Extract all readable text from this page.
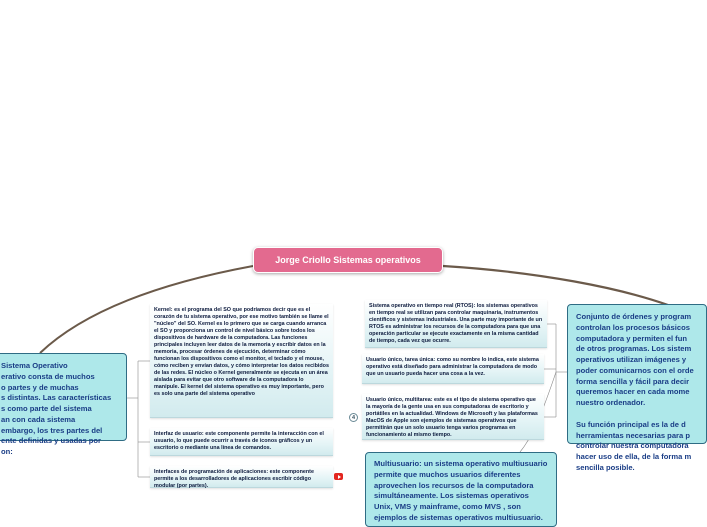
Jorge Criollo Sistemas operativos
Sistema Operativo
erativo consta de muchos
o partes y de muchas
s distintas. Las características
s como parte del sistema
an con cada sistema
embargo, los tres partes del
ente definidas y usadas por
on:
Conjunto de órdenes y program
controlan los procesos básicos
computadora y permiten el fun
de otros programas. Los sistem
operativos utilizan imágenes y
poder comunicarnos con el orde
forma sencilla y fácil para decir
queremos hacer en cada mome
nuestro ordenador.

Su función principal es la de d
herramientas necesarias para p
controlar nuestra computadora
hacer uso de ella, de la forma m
sencilla posible.
Multiusuario: un sistema operativo multiusuario permite que muchos usuarios diferentes aprovechen los recursos de la computadora simultáneamente. Los sistemas operativos Unix, VMS y mainframe, como MVS , son ejemplos de sistemas operativos multiusuario.
Kernel: es el programa del SO que podríamos decir que es el corazón de tu sistema operativo, por ese motivo también se llame el "núcleo" del SO. Kernel es lo primero que se carga cuando arranca el SO y proporciona un control de nivel básico sobre todos los dispositivos de hardware de la computadora. Las funciones principales incluyen leer datos de la memoria y escribir datos en la memoria, procesar órdenes de ejecución, determinar cómo funcionan los dispositivos como el monitor, el teclado y el mouse, cómo reciben y envían datos, y cómo interpretar los datos recibidos de las redes. El núcleo o Kernel generalmente se ejecuta en un área aislada para evitar que otro software de la computadora lo manipule. El kernel del sistema operativo es muy importante, pero es solo una parte del sistema operativo
Interfaz de usuario: este componente permite la interacción con el usuario, lo que puede ocurrir a través de iconos gráficos y un escritorio o mediante una línea de comandos.
Interfaces de programación de aplicaciones: este componente permite a los desarrolladores de aplicaciones escribir código modular (por partes).
Sistema operativo en tiempo real (RTOS): los sistemas operativos en tiempo real se utilizan para controlar maquinaria, instrumentos científicos y sistemas industriales. Una parte muy importante de un RTOS es administrar los recursos de la computadora para que una operación particular se ejecute exactamente en la misma cantidad de tiempo, cada vez que ocurre.
Usuario único, tarea única: como su nombre lo indica, este sistema operativo está diseñado para administrar la computadora de modo que un usuario pueda hacer una cosa a la vez.
Usuario único, multitarea: este es el tipo de sistema operativo que la mayoría de la gente usa en sus computadoras de escritorio y portátiles en la actualidad. Windows de Microsoft y las plataformas MacOS de Apple son ejemplos de sistemas operativos que permitirán que un solo usuario tenga varios programas en funcionamiento al mismo tiempo.
4
